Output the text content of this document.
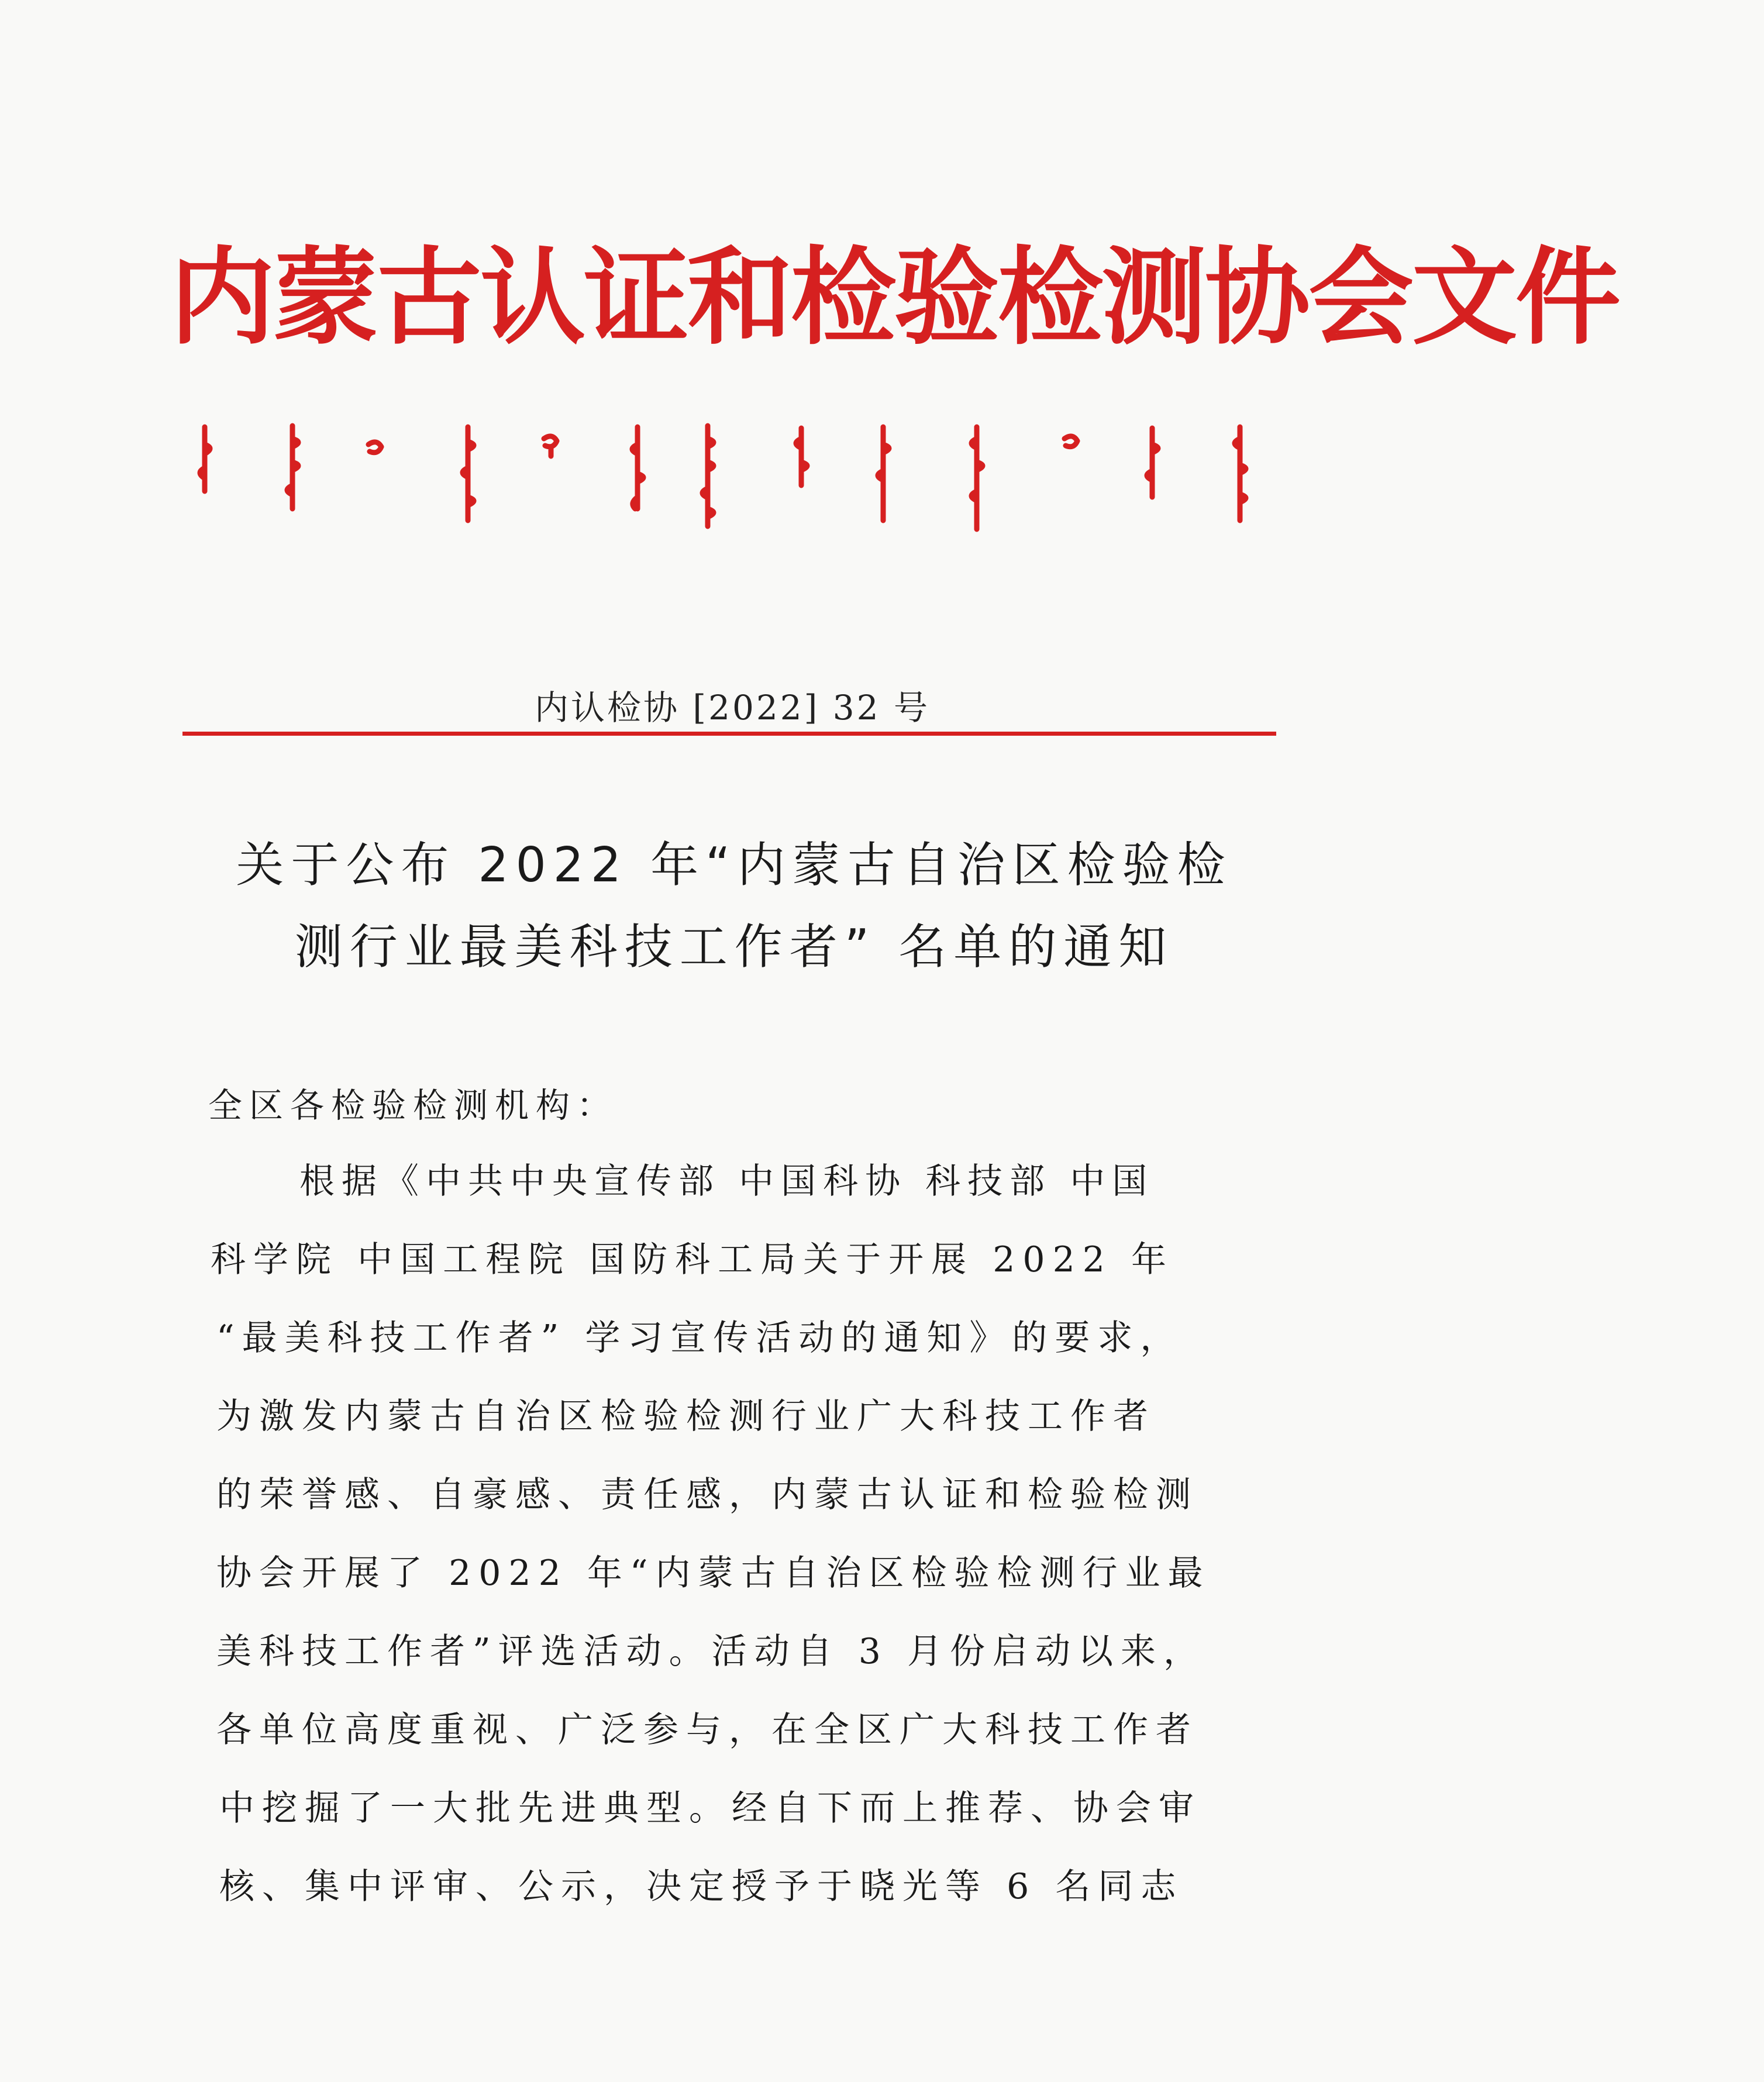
内蒙古认证和检验检测协会文件
内认检协 [2022] 32 号
关于公布 2022 年“内蒙古自治区检验检
测行业最美科技工作者” 名单的通知
全区各检验检测机构：
根据《中共中央宣传部 中国科协 科技部 中国
科学院 中国工程院 国防科工局关于开展 2022 年
“最美科技工作者” 学习宣传活动的通知》的要求，
为激发内蒙古自治区检验检测行业广大科技工作者
的荣誉感、自豪感、责任感，内蒙古认证和检验检测
协会开展了 2022 年“内蒙古自治区检验检测行业最
美科技工作者”评选活动。活动自 3 月份启动以来，
各单位高度重视、广泛参与，在全区广大科技工作者
中挖掘了一大批先进典型。经自下而上推荐、协会审
核、集中评审、公示，决定授予于晓光等 6 名同志
